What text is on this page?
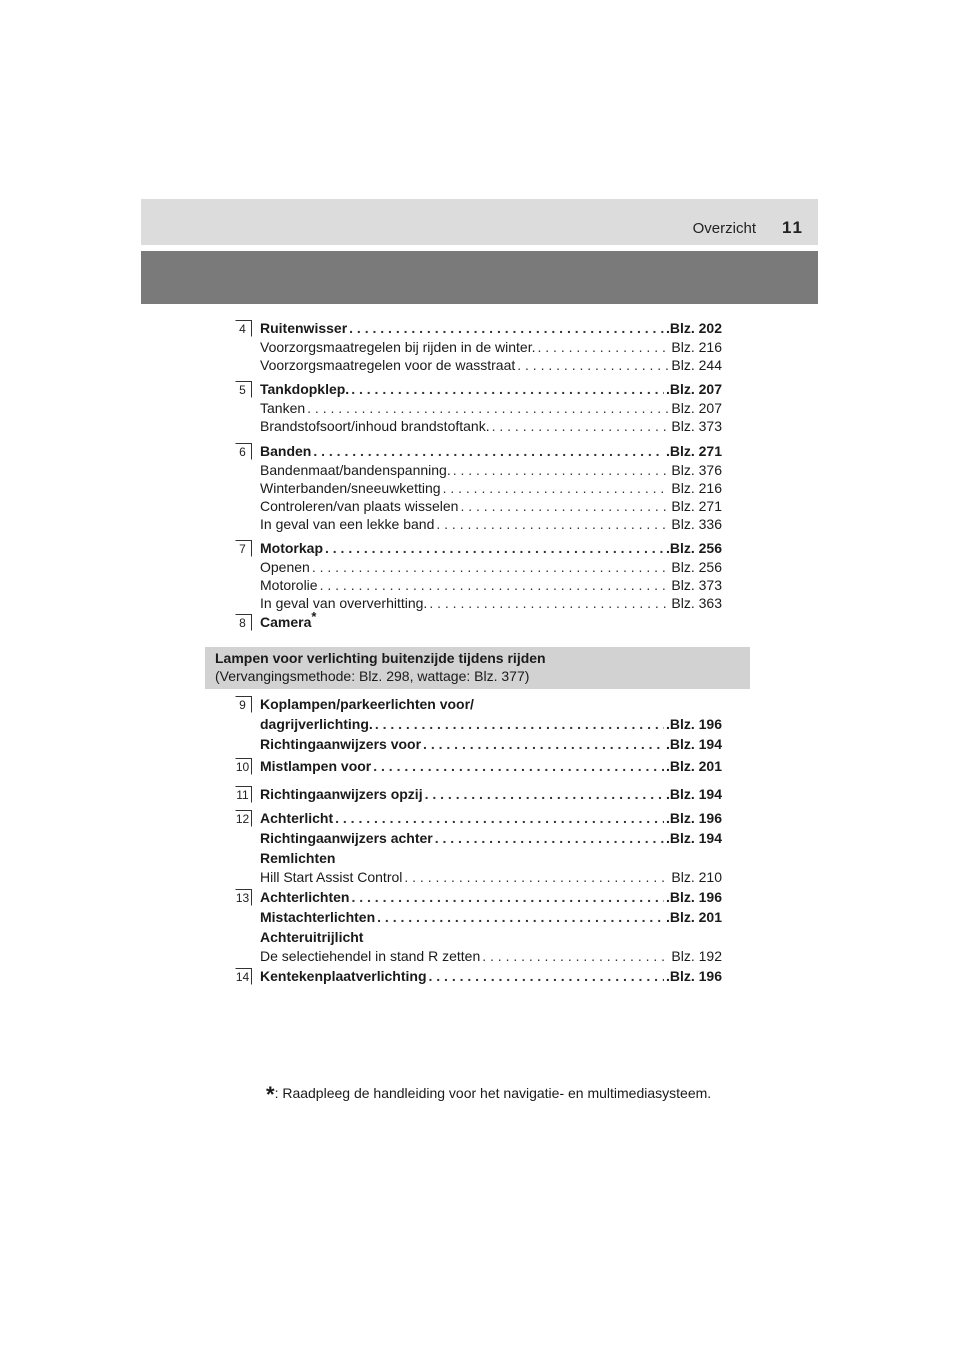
Overzicht 11
4 Ruitenwisser . . .	.Blz. 202
Voorzorgsmaatregelen bij rijden in de winter. . . .	Blz. 216
Voorzorgsmaatregelen voor de wasstraat . . .	Blz. 244
5 Tankdopklep. . . .	.Blz. 207
Tanken . . .	Blz. 207
Brandstofsoort/inhoud brandstoftank. . . .	Blz. 373
6 Banden . . .	.Blz. 271
Bandenmaat/bandenspanning. . . .	Blz. 376
Winterbanden/sneeuwketting . . .	Blz. 216
Controleren/van plaats wisselen . . .	Blz. 271
In geval van een lekke band . . .	Blz. 336
7 Motorkap . . .	.Blz. 256
Openen . . .	Blz. 256
Motorolie . . .	Blz. 373
In geval van oververhitting. . . .	Blz. 363
8 Camera *
Lampen voor verlichting buitenzijde tijdens rijden
(Vervangingsmethode: Blz. 298, wattage: Blz. 377)
9 Koplampen/parkeerlichten voor/
dagrijverlichting. . . .	.Blz. 196
Richtingaanwijzers voor . . .	.Blz. 194
10 Mistlampen voor . . .	.Blz. 201
11 Richtingaanwijzers opzij . . .	.Blz. 194
12 Achterlicht . . .	.Blz. 196
Richtingaanwijzers achter . . .	.Blz. 194
Remlichten
Hill Start Assist Control . . .	Blz. 210
13 Achterlichten . . .	.Blz. 196
Mistachterlichten . . .	.Blz. 201
Achteruitrijlicht
De selectiehendel in stand R zetten . . .	Blz. 192
14 Kentekenplaatverlichting . . .	.Blz. 196
*: Raadpleeg de handleiding voor het navigatie- en multimediasysteem.
